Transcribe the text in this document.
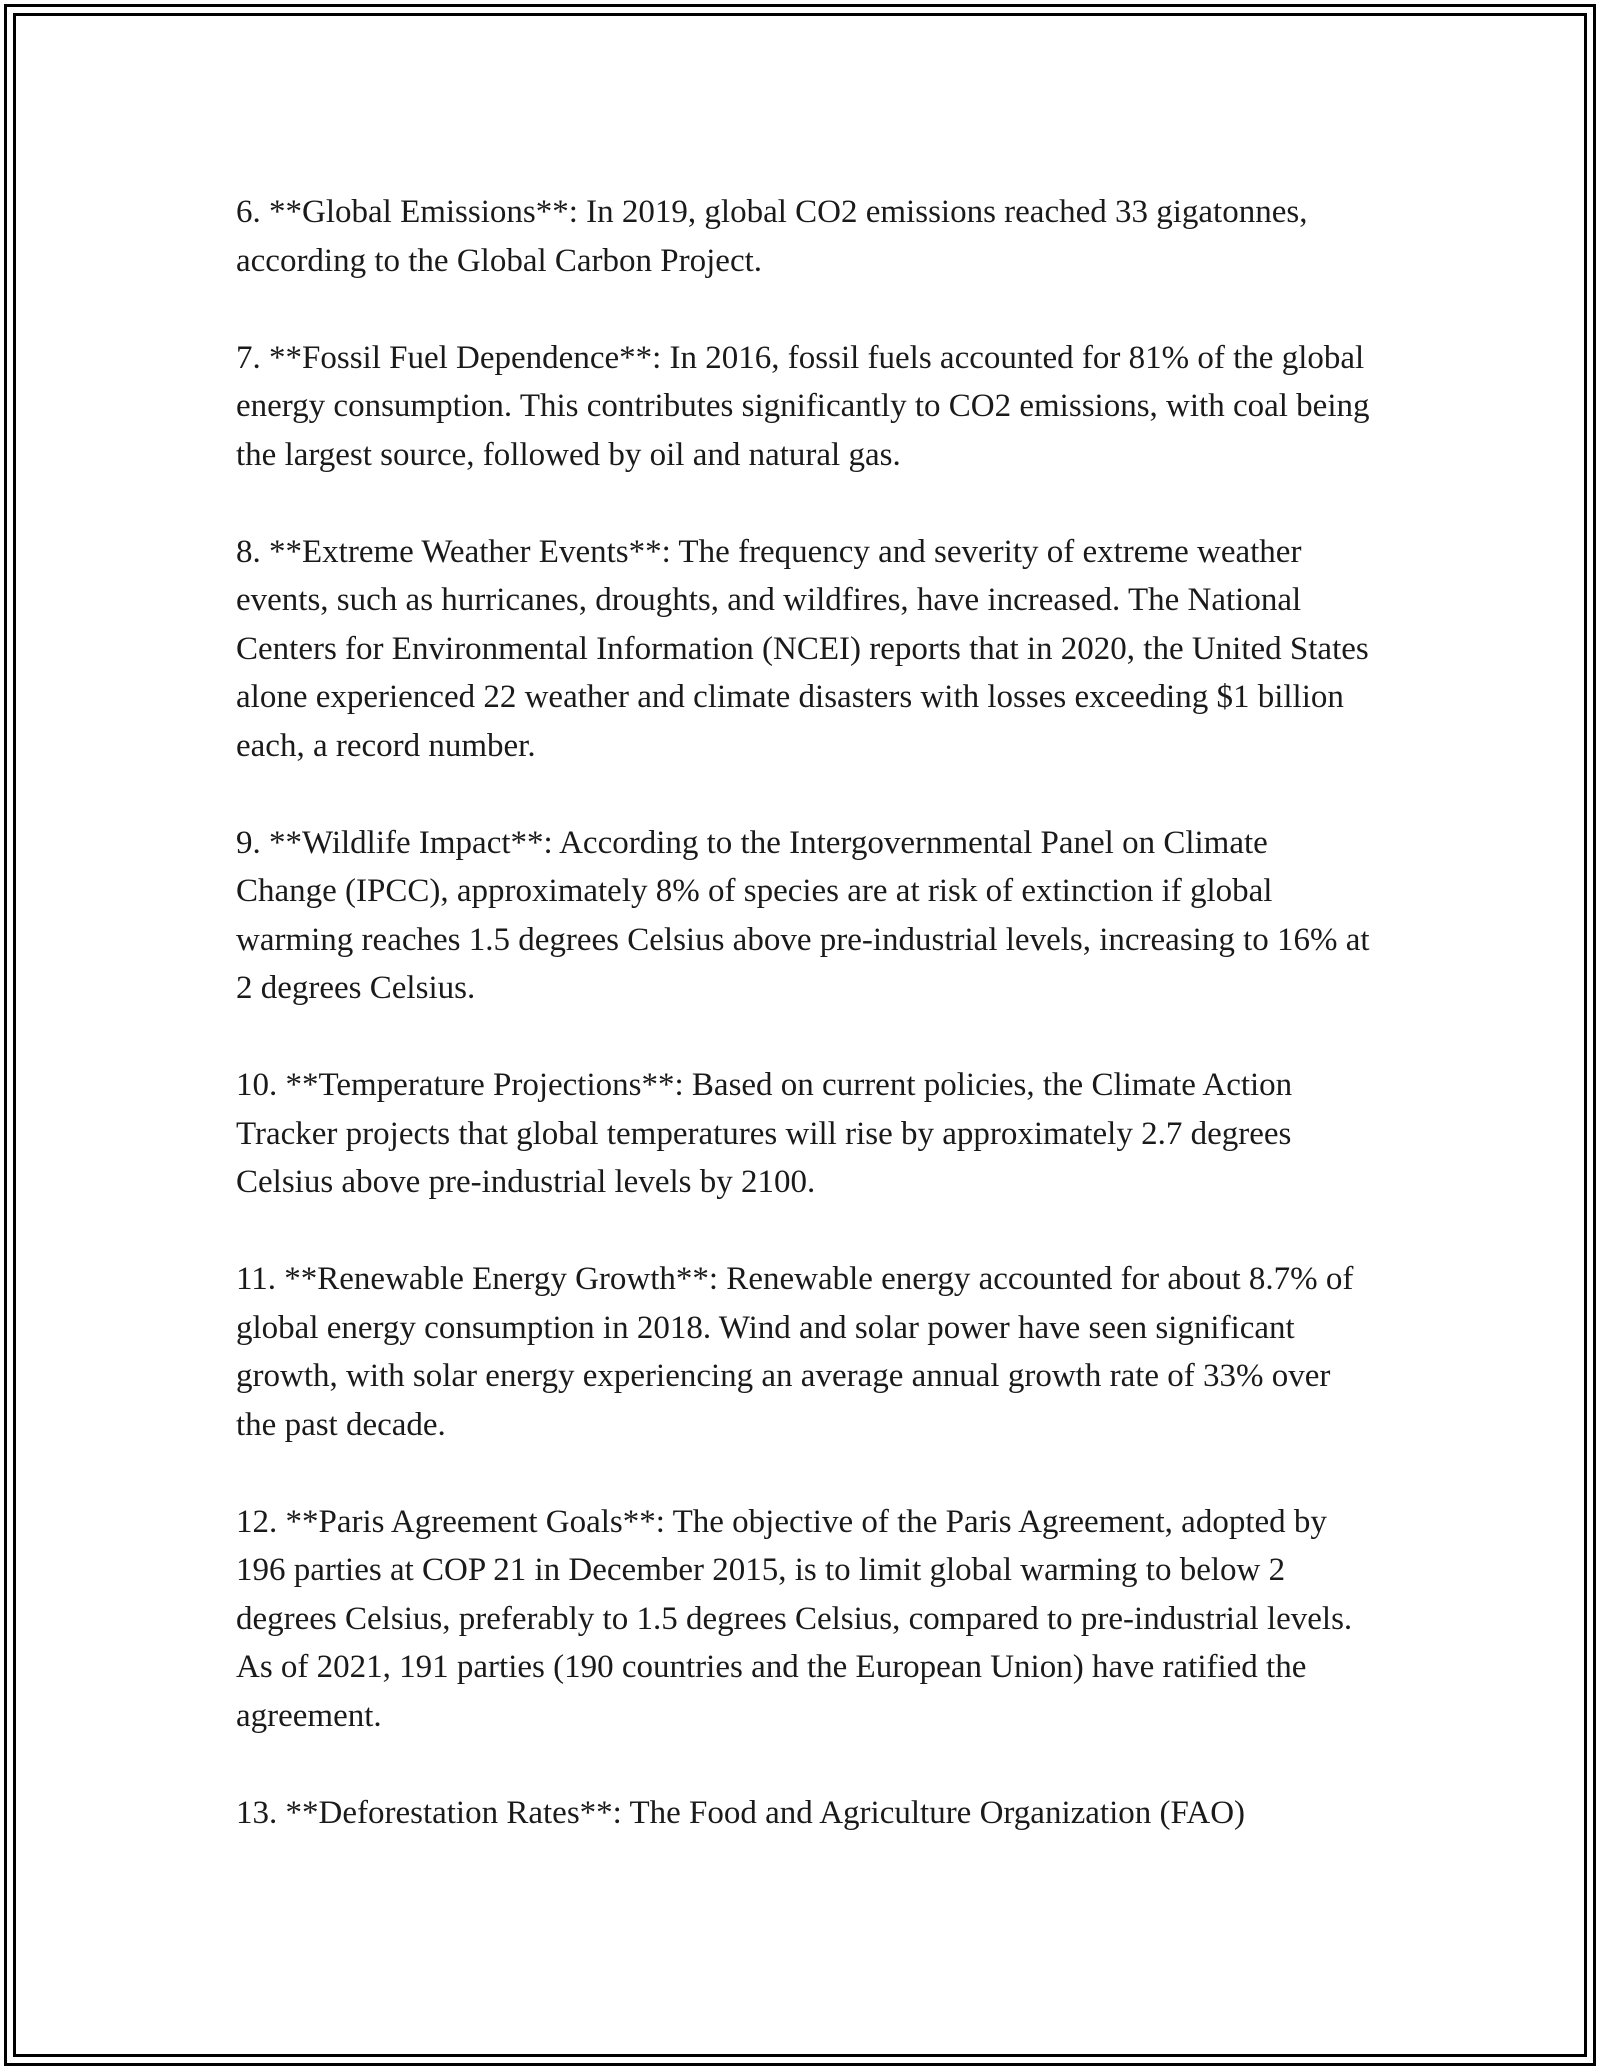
6. **Global Emissions**: In 2019, global CO2 emissions reached 33 gigatonnes, according to the Global Carbon Project.

7. **Fossil Fuel Dependence**: In 2016, fossil fuels accounted for 81% of the global energy consumption. This contributes significantly to CO2 emissions, with coal being the largest source, followed by oil and natural gas.

8. **Extreme Weather Events**: The frequency and severity of extreme weather events, such as hurricanes, droughts, and wildfires, have increased. The National Centers for Environmental Information (NCEI) reports that in 2020, the United States alone experienced 22 weather and climate disasters with losses exceeding $1 billion each, a record number.

9. **Wildlife Impact**: According to the Intergovernmental Panel on Climate Change (IPCC), approximately 8% of species are at risk of extinction if global warming reaches 1.5 degrees Celsius above pre-industrial levels, increasing to 16% at 2 degrees Celsius.

10. **Temperature Projections**: Based on current policies, the Climate Action Tracker projects that global temperatures will rise by approximately 2.7 degrees Celsius above pre-industrial levels by 2100.

11. **Renewable Energy Growth**: Renewable energy accounted for about 8.7% of global energy consumption in 2018. Wind and solar power have seen significant growth, with solar energy experiencing an average annual growth rate of 33% over the past decade.

12. **Paris Agreement Goals**: The objective of the Paris Agreement, adopted by 196 parties at COP 21 in December 2015, is to limit global warming to below 2 degrees Celsius, preferably to 1.5 degrees Celsius, compared to pre-industrial levels. As of 2021, 191 parties (190 countries and the European Union) have ratified the agreement.

13. **Deforestation Rates**: The Food and Agriculture Organization (FAO)
